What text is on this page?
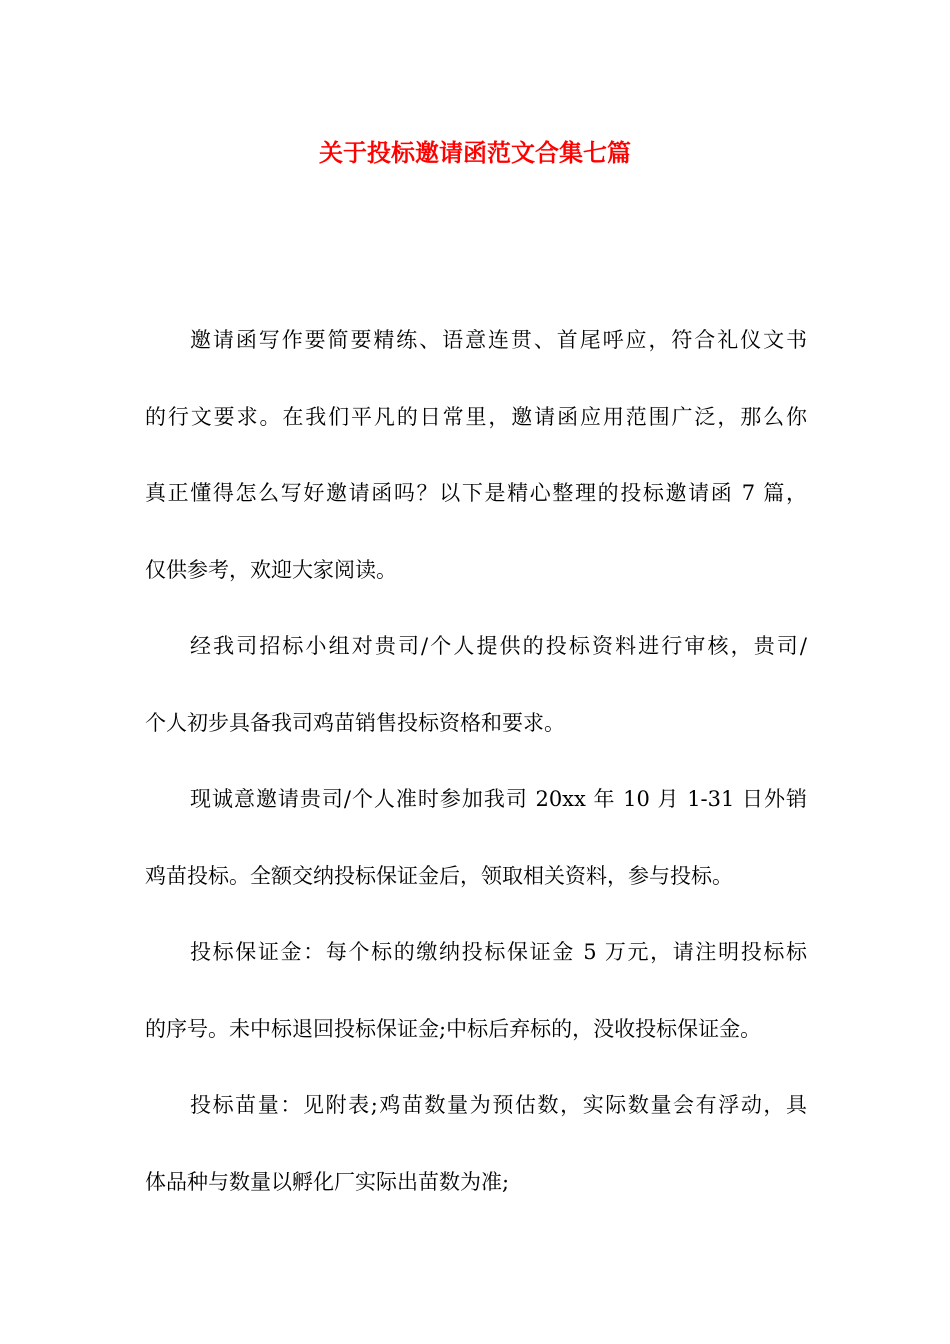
关于投标邀请函范文合集七篇
邀请函写作要简要精练、语意连贯、首尾呼应，符合礼仪文书
的行文要求。在我们平凡的日常里，邀请函应用范围广泛，那么你
真正懂得怎么写好邀请函吗？以下是精心整理的投标邀请函 7 篇，
仅供参考，欢迎大家阅读。
经我司招标小组对贵司/个人提供的投标资料进行审核，贵司/
个人初步具备我司鸡苗销售投标资格和要求。
现诚意邀请贵司/个人准时参加我司 20xx 年 10 月 1-31 日外销
鸡苗投标。全额交纳投标保证金后，领取相关资料，参与投标。
投标保证金：每个标的缴纳投标保证金 5 万元，请注明投标标
的序号。未中标退回投标保证金;中标后弃标的，没收投标保证金。
投标苗量：见附表;鸡苗数量为预估数，实际数量会有浮动，具
体品种与数量以孵化厂实际出苗数为准;
